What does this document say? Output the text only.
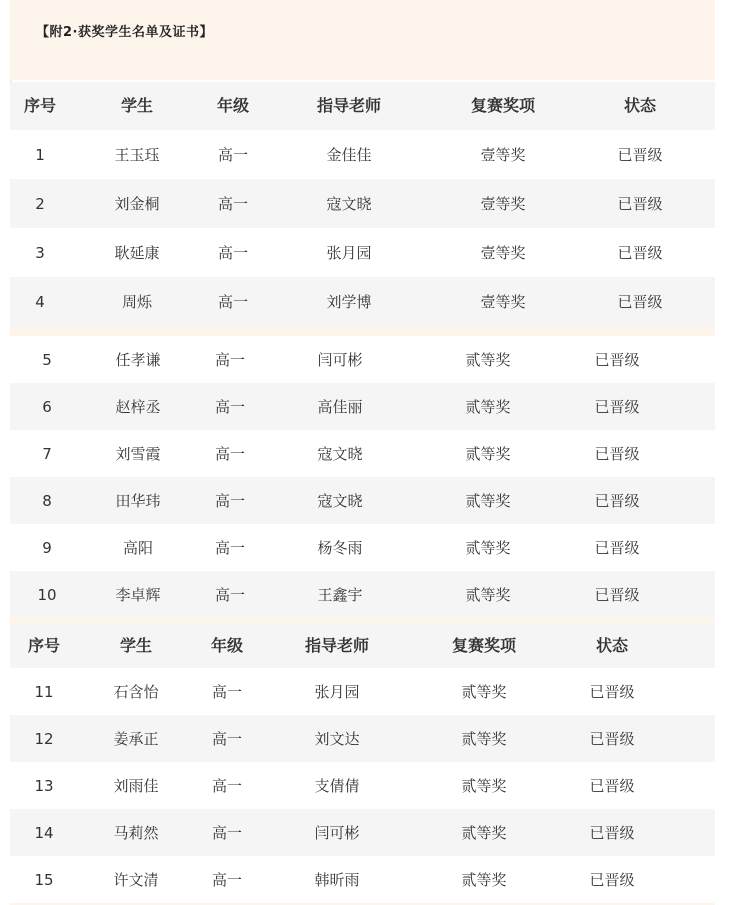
【附2·获奖学生名单及证书】
序号	学生	年级	指导老师	复赛奖项	状态
1	王玉珏	高一	金佳佳	壹等奖	已晋级
2	刘金桐	高一	寇文晓	壹等奖	已晋级
3	耿延康	高一	张月园	壹等奖	已晋级
4	周烁	高一	刘学博	壹等奖	已晋级
5	任孝谦	高一	闫可彬	贰等奖	已晋级
6	赵梓丞	高一	高佳丽	贰等奖	已晋级
7	刘雪霞	高一	寇文晓	贰等奖	已晋级
8	田华玮	高一	寇文晓	贰等奖	已晋级
9	高阳	高一	杨冬雨	贰等奖	已晋级
10	李卓辉	高一	王鑫宇	贰等奖	已晋级
序号	学生	年级	指导老师	复赛奖项	状态
11	石含怡	高一	张月园	贰等奖	已晋级
12	姜承正	高一	刘文达	贰等奖	已晋级
13	刘雨佳	高一	支倩倩	贰等奖	已晋级
14	马莉然	高一	闫可彬	贰等奖	已晋级
15	许文清	高一	韩昕雨	贰等奖	已晋级
